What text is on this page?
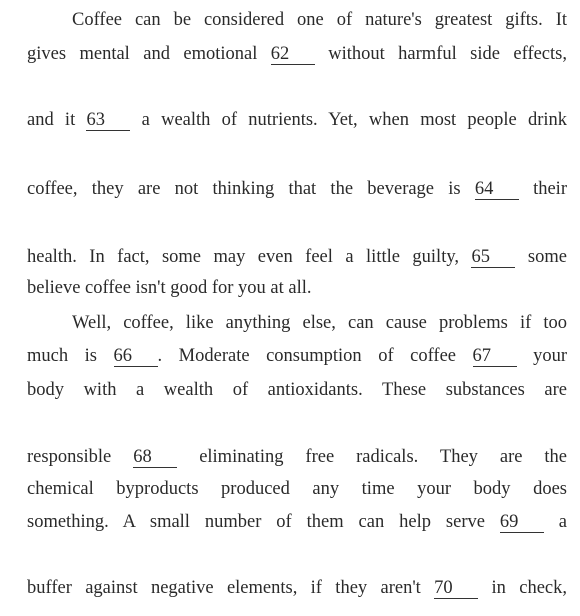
Coffee can be considered one of nature's greatest gifts. It
gives mental and emotional 62 without harmful side effects,
and it 63 a wealth of nutrients. Yet, when most people drink
coffee, they are not thinking that the beverage is 64 their
health. In fact, some may even feel a little guilty, 65 some
believe coffee isn't good for you at all.
Well, coffee, like anything else, can cause problems if too
much is 66 . Moderate consumption of coffee 67 your
body with a wealth of antioxidants. These substances are
responsible 68 eliminating free radicals. They are the
chemical byproducts produced any time your body does
something. A small number of them can help serve 69 a
buffer against negative elements, if they aren't 70 in check,
